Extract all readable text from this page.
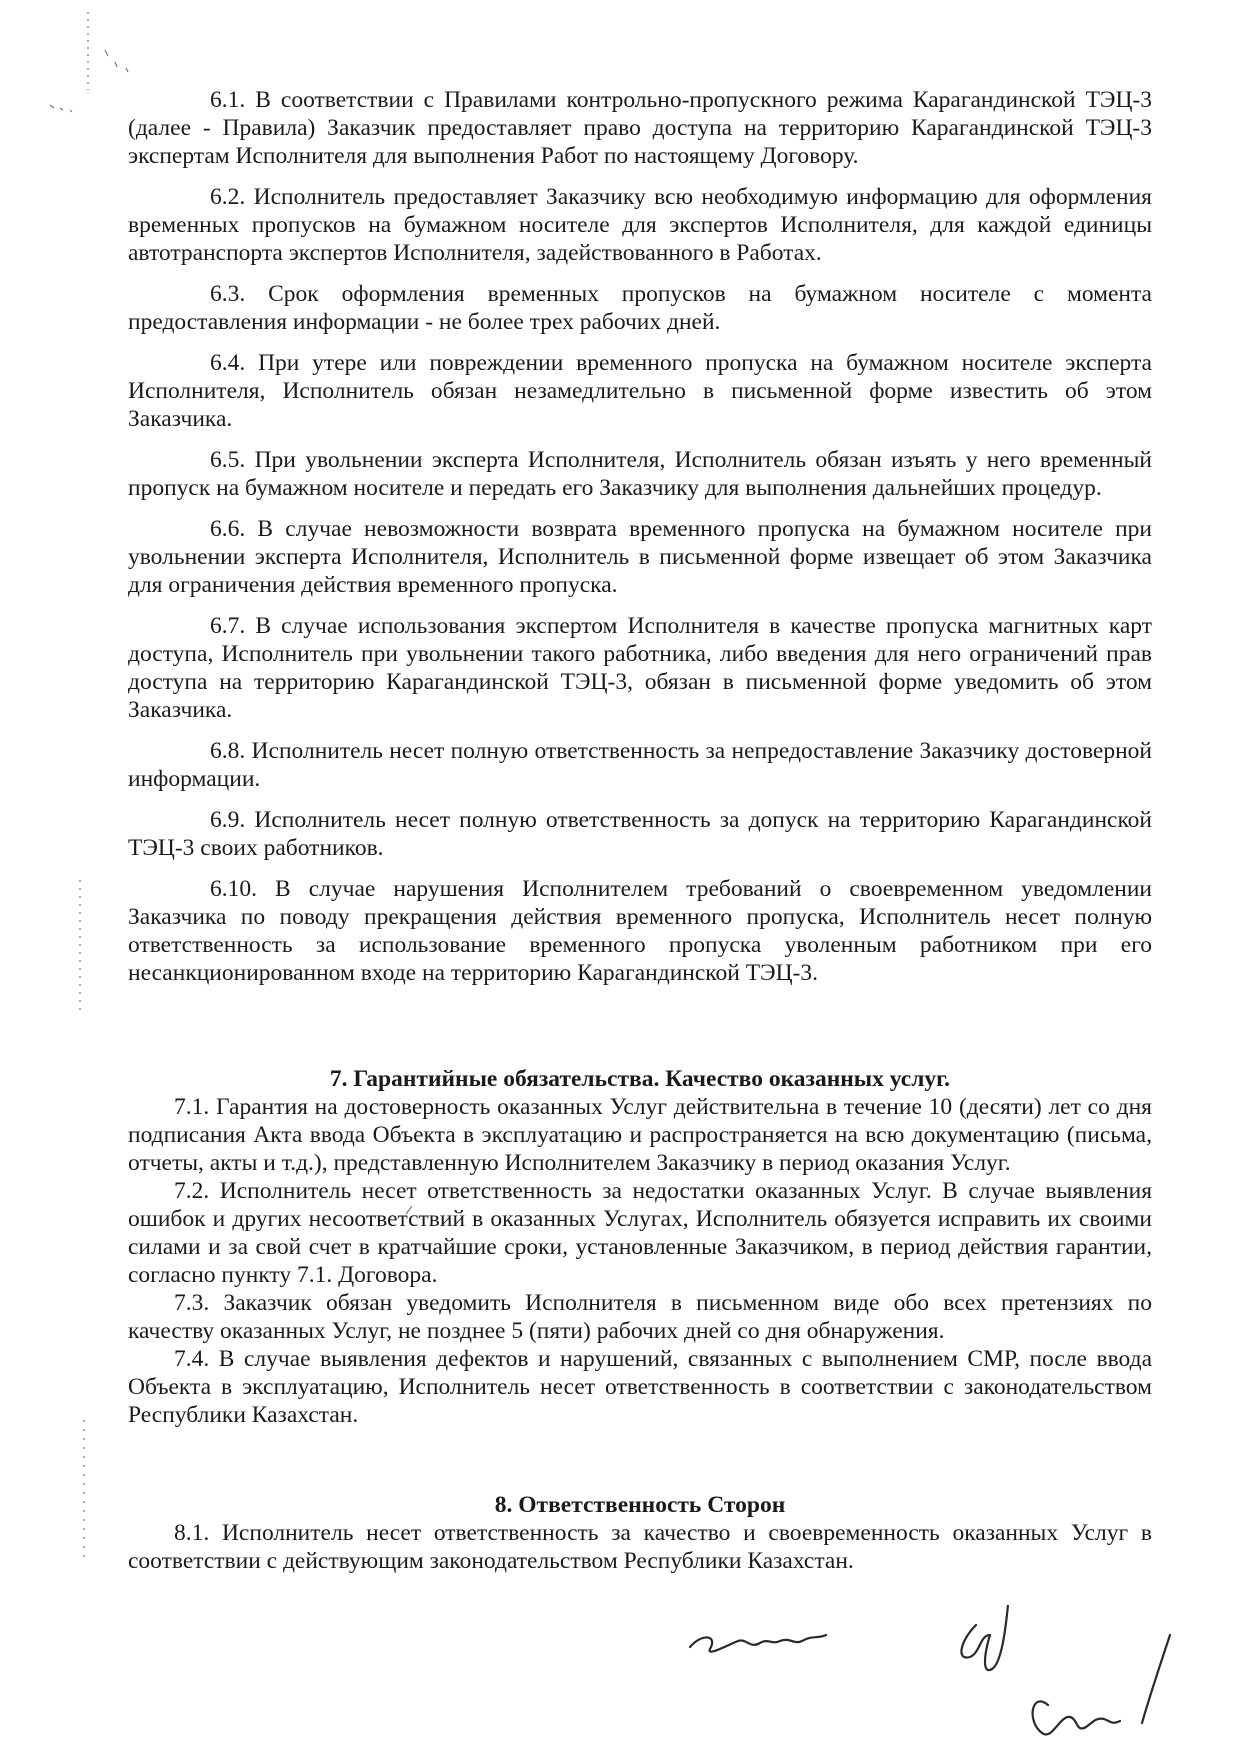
6.1. В соответствии с Правилами контрольно-пропускного режима Карагандинской ТЭЦ-3 (далее - Правила) Заказчик предоставляет право доступа на территорию Карагандинской ТЭЦ-3 экспертам Исполнителя для выполнения Работ по настоящему Договору.

6.2. Исполнитель предоставляет Заказчику всю необходимую информацию для оформления временных пропусков на бумажном носителе для экспертов Исполнителя, для каждой единицы автотранспорта экспертов Исполнителя, задействованного в Работах.

6.3. Срок оформления временных пропусков на бумажном носителе с момента предоставления информации - не более трех рабочих дней.

6.4. При утере или повреждении временного пропуска на бумажном носителе эксперта Исполнителя, Исполнитель обязан незамедлительно в письменной форме известить об этом Заказчика.

6.5. При увольнении эксперта Исполнителя, Исполнитель обязан изъять у него временный пропуск на бумажном носителе и передать его Заказчику для выполнения дальнейших процедур.

6.6. В случае невозможности возврата временного пропуска на бумажном носителе при увольнении эксперта Исполнителя, Исполнитель в письменной форме извещает об этом Заказчика для ограничения действия временного пропуска.

6.7. В случае использования экспертом Исполнителя в качестве пропуска магнитных карт доступа, Исполнитель при увольнении такого работника, либо введения для него ограничений прав доступа на территорию Карагандинской ТЭЦ-3, обязан в письменной форме уведомить об этом Заказчика.

6.8. Исполнитель несет полную ответственность за непредоставление Заказчику достоверной информации.

6.9. Исполнитель несет полную ответственность за допуск на территорию Карагандинской ТЭЦ-3 своих работников.

6.10. В случае нарушения Исполнителем требований о своевременном уведомлении Заказчика по поводу прекращения действия временного пропуска, Исполнитель несет полную ответственность за использование временного пропуска уволенным работником при его несанкционированном входе на территорию Карагандинской ТЭЦ-3.

7. Гарантийные обязательства. Качество оказанных услуг.

7.1. Гарантия на достоверность оказанных Услуг действительна в течение 10 (десяти) лет со дня подписания Акта ввода Объекта в эксплуатацию и распространяется на всю документацию (письма, отчеты, акты и т.д.), представленную Исполнителем Заказчику в период оказания Услуг.

7.2. Исполнитель несет ответственность за недостатки оказанных Услуг. В случае выявления ошибок и других несоответствий в оказанных Услугах, Исполнитель обязуется исправить их своими силами и за свой счет в кратчайшие сроки, установленные Заказчиком, в период действия гарантии, согласно пункту 7.1. Договора.

7.3. Заказчик обязан уведомить Исполнителя в письменном виде обо всех претензиях по качеству оказанных Услуг, не позднее 5 (пяти) рабочих дней со дня обнаружения.

7.4. В случае выявления дефектов и нарушений, связанных с выполнением СМР, после ввода Объекта в эксплуатацию, Исполнитель несет ответственность в соответствии с законодательством Республики Казахстан.

8. Ответственность Сторон

8.1. Исполнитель несет ответственность за качество и своевременность оказанных Услуг в соответствии с действующим законодательством Республики Казахстан.
